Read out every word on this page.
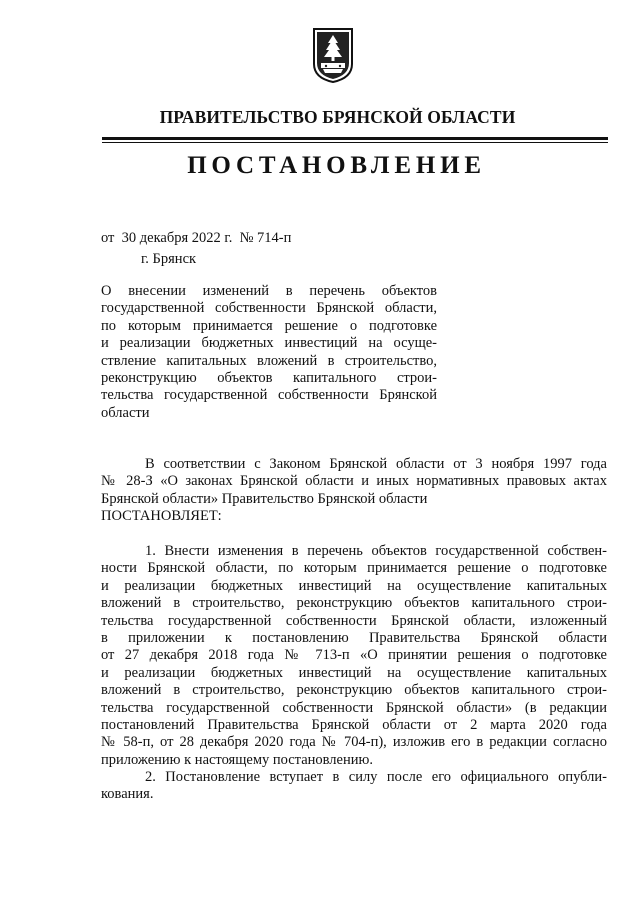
ПРАВИТЕЛЬСТВО БРЯНСКОЙ ОБЛАСТИ
ПОСТАНОВЛЕНИЕ
от  30 декабря 2022 г.  № 714-п
г. Брянск
О внесении изменений в перечень объектов
государственной собственности Брянской области,
по которым принимается решение о подготовке
и реализации бюджетных инвестиций на осуще-
ствление капитальных вложений в строительство,
реконструкцию объектов капитального строи-
тельства государственной собственности Брянской
области
В соответствии с Законом Брянской области от 3 ноября 1997 года
№ 28-З «О законах Брянской области и иных нормативных правовых актах
Брянской области» Правительство Брянской области
ПОСТАНОВЛЯЕТ:
1. Внести изменения в перечень объектов государственной собствен-
ности Брянской области, по которым принимается решение о подготовке
и реализации бюджетных инвестиций на осуществление капитальных
вложений в строительство, реконструкцию объектов капитального строи-
тельства государственной собственности Брянской области, изложенный
в приложении к постановлению Правительства Брянской области
от 27 декабря 2018 года № 713-п «О принятии решения о подготовке
и реализации бюджетных инвестиций на осуществление капитальных
вложений в строительство, реконструкцию объектов капитального строи-
тельства государственной собственности Брянской области» (в редакции
постановлений Правительства Брянской области от 2 марта 2020 года
№ 58-п, от 28 декабря 2020 года № 704-п), изложив его в редакции согласно
приложению к настоящему постановлению.
2. Постановление вступает в силу после его официального опубли-
кования.
